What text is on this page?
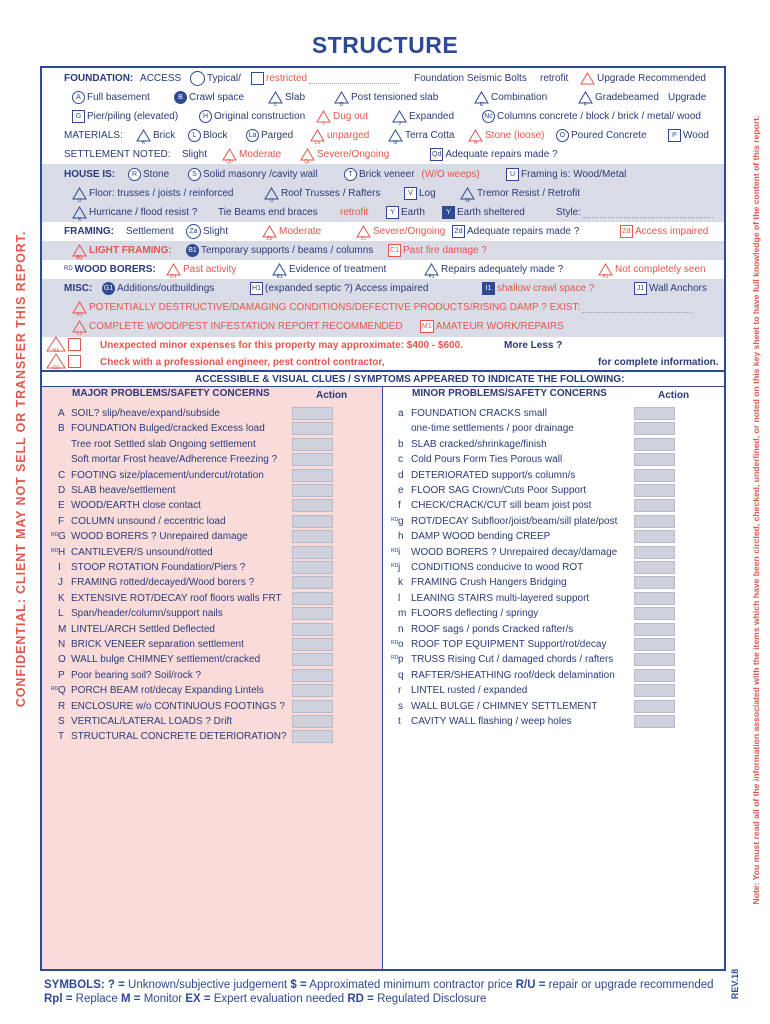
STRUCTURE
CONFIDENTIAL: CLIENT MAY NOT SELL OR TRANSFER THIS REPORT.	Note: You must read all of the information associated with the items which have been circled, checked, underlined, or noted on this key sheet to have full knowledge of the content of this report.
REV.18
FOUNDATION:
ACCESS	Typical/	restricted	Foundation Seismic Bolts retrofit	Upgrade Recommended
A Full basement	B Crawl space
C
Slab
D
Post tensioned slab
E
Combination
F
Gradebeamed Upgrade
G Pier/piling (elevated)	H Original construction
I
Dug out
J
Expanded	Nc Columns concrete / block / brick / metal/ wood
MATERIALS:
K
Brick	L Block	La Parged
Lb
unparged
M
Terra Cotta
N
Stone (loose)	O Poured Concrete	P Wood
SETTLEMENT NOTED: Slight
Qb
Moderate
Qc
Severe/Ongoing	Qd Adequate repairs made ?
HOUSE IS:	R Stone	S Solid masonry /cavity wall	T Brick veneer
(W/O weeps)	U Framing is: Wood/Metal
U
Floor: trusses / joists / reinforced
U
Roof Trusses / Rafters	V Log
W
Tremor Resist / Retrofit
X
Hurricane / flood resist ? Tie Beams end braces retrofit	Y Earth	Y Earth sheltered	Style:
FRAMING: Settlement	Za Slight
Zb
Moderate
Zc
Severe/Ongoing	Zd Adequate repairs made ?	Zd Access impaired
B1
LIGHT FRAMING:	B1 Temporary supports / beams / columns C1 Past fire damage ?
RD WOOD BORERS:
D1
Past activity
E1
Evidence of treatment
F1
Repairs adequately made ?
F1
Not completely seen
MISC: G1 Additions/outbuildings	H1 (expanded septic ?) Access impaired	I1 shallow crawl space ?	J1 Wall Anchors
K1
POTENTIALLY DESTRUCTIVE/DAMAGING CONDITIONS/DEFECTIVE PRODUCTS/RISING DAMP ? EXIST:
L1
COMPLETE WOOD/PEST INFESTATION REPORT RECOMMENDED	M1 AMATEUR WORK/REPAIRS
N1	Unexpected minor expenses for this property may approximate: $400 - $600.	More Less ?
O1	Check with a professional engineer, pest control contractor,	for complete information.
ACCESSIBLE & VISUAL CLUES / SYMPTOMS APPEARED TO INDICATE THE FOLLOWING:
MAJOR PROBLEMS/SAFETY CONCERNS	Action	MINOR PROBLEMS/SAFETY CONCERNS	Action
A SOIL? slip/heave/expand/subside
B FOUNDATION Bulged/cracked Excess load
Tree root Settled slab Ongoing settlement
Soft mortar Frost heave/Adherence Freezing ?
C FOOTING size/placement/undercut/rotation
D SLAB heave/settlement
E WOOD/EARTH close contact
F COLUMN unsound / eccentric load
RD G WOOD BORERS ? Unrepaired damage
RD H CANTILEVER/S unsound/rotted
I STOOP ROTATION Foundation/Piers ?
J FRAMING rotted/decayed/Wood borers ?
K EXTENSIVE ROT/DECAY roof floors walls FRT
L Span/header/column/support nails
M LINTEL/ARCH Settled Deflected
N BRICK VENEER separation settlement
O WALL bulge CHIMNEY settlement/cracked
P Poor bearing soil? Soil/rock ?
RD Q PORCH BEAM rot/decay Expanding Lintels
R ENCLOSURE w/o CONTINUOUS FOOTINGS ?
S VERTICAL/LATERAL LOADS ? Drift
T STRUCTURAL CONCRETE DETERIORATION?
a FOUNDATION CRACKS small
one-time settlements / poor drainage
b SLAB cracked/shrinkage/finish
c Cold Pours Form Ties Porous wall
d DETERIORATED support/s column/s
e FLOOR SAG Crown/Cuts Poor Support
f CHECK/CRACK/CUT sill beam joist post
RD g ROT/DECAY Subfloor/joist/beam/sill plate/post
h DAMP WOOD bending CREEP
RD i WOOD BORERS ? Unrepaired decay/damage
RD j CONDITIONS conducive to wood ROT
k FRAMING Crush Hangers Bridging
l LEANING STAIRS multi-layered support
m FLOORS deflecting / springy
n ROOF sags / ponds Cracked rafter/s
RD o ROOF TOP EQUIPMENT Support/rot/decay
RD p TRUSS Rising Cut / damaged chords / rafters
q RAFTER/SHEATHING roof/deck delamination
r LINTEL rusted / expanded
s WALL BULGE / CHIMNEY SETTLEMENT
t CAVITY WALL flashing / weep holes
SYMBOLS: ? = Unknown/subjective judgement $ = Approximated minimum contractor price R/U = repair or upgrade recommended
Rpl = Replace M = Monitor EX = Expert evaluation needed RD = Regulated Disclosure
